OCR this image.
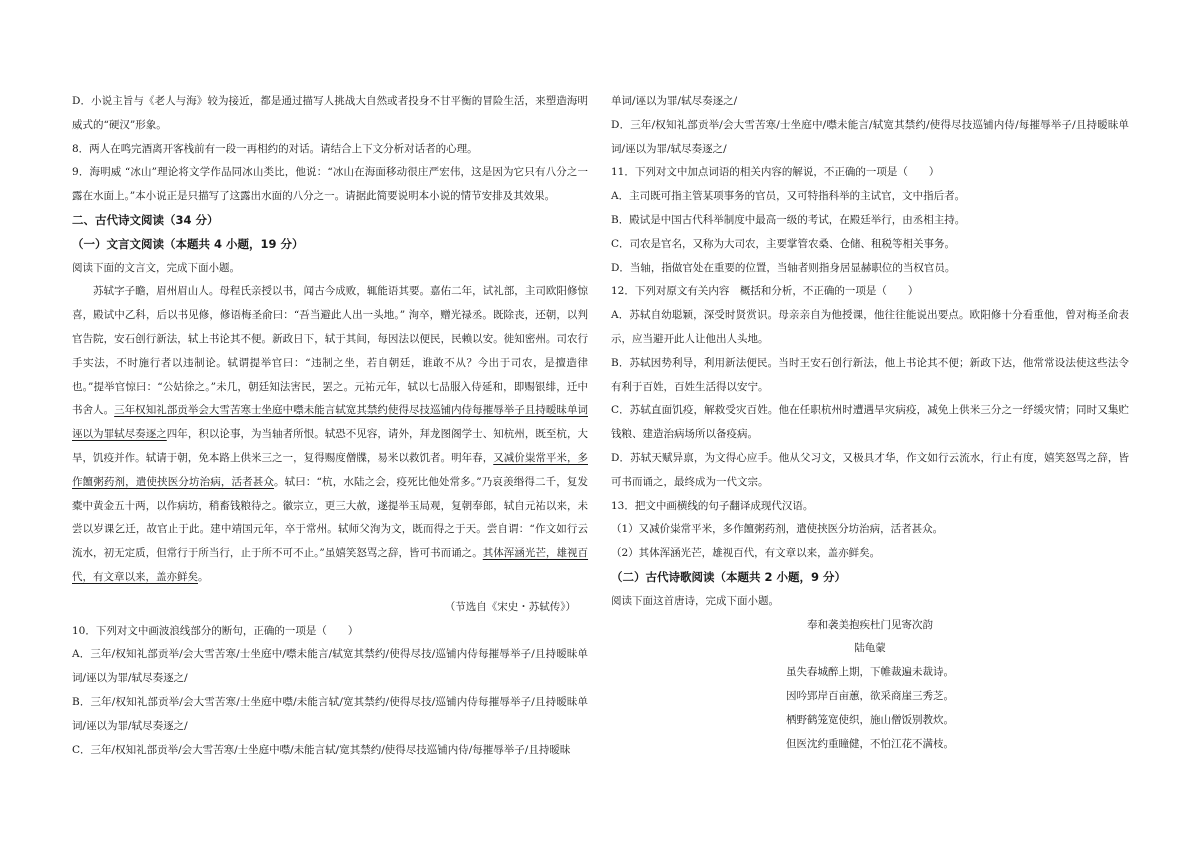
D．小说主旨与《老人与海》较为接近，都是通过描写人挑战大自然或者投身不甘平衡的冒险生活，来塑造海明威式的“硬汉”形象。

8．两人在鸣完酒离开客栈前有一段一再相约的对话。请结合上下文分析对话者的心理。

9．海明威 “冰山”理论将文学作品同冰山类比，他说：“冰山在海面移动很庄严宏伟，这是因为它只有八分之一露在水面上。”本小说正是只描写了这露出水面的八分之一。请据此简要说明本小说的情节安排及其效果。

二、古代诗文阅读（34 分）

（一）文言文阅读（本题共 4 小题，19 分）

阅读下面的文言文，完成下面小题。

苏轼字子瞻，眉州眉山人。母程氏亲授以书，闻古今成败，辄能语其要。嘉佑二年，试礼部，主司欧阳修惊喜，殿试中乙科，后以书见修，修语梅圣俞曰：“吾当避此人出一头地。” 洵卒，赠光禄丞。既除丧，还朝，以判官告院，安石创行新法，轼上书论其不便。新政日下，轼于其间，每因法以便民，民赖以安。徙知密州。司农行手实法，不时施行者以违制论。轼谓提举官曰：“违制之坐，若自朝廷，谁敢不从？今出于司农，是擅造律也。”提举官惊曰：“公姑徐之。”未几，朝廷知法害民，罢之。元祐元年，轼以七品服入侍延和，即赐银绯，迁中书舍人。三年权知礼部贡举会大雪苦寒士坐庭中噤未能言轼宽其禁约使得尽技巡铺内侍每摧辱举子且持暧昧单词诬以为罪轼尽奏逐之四年，积以论事，为当轴者所恨。轼恐不见容，请外，拜龙图阁学士、知杭州，既至杭，大旱，饥疫并作。轼请于朝，免本路上供米三之一，复得赐度僧牒，易米以救饥者。明年春，又减价粜常平米，多作饘粥药剂，遣使挟医分坊治病，活者甚众。轼曰：“杭，水陆之会，疫死比他处常多。”乃哀羡缗得二千，复发橐中黄金五十两，以作病坊，稍畜钱粮待之。徽宗立，更三大赦，遂提举玉局观，复朝奉郎，轼自元祐以来，未尝以岁课乞迁，故官止于此。建中靖国元年，卒于常州。轼师父洵为文，既而得之于天。尝自谓：“作文如行云流水，初无定质，但常行于所当行，止于所不可不止。”虽嬉笑怒骂之辞，皆可书而诵之。其体浑涵光芒，雄视百代，有文章以来，盖亦鲜矣。

（节选自《宋史・苏轼传》）

10．下列对文中画波浪线部分的断句，正确的一项是（　　）

A．三年/权知礼部贡举/会大雪苦寒/士坐庭中/噤未能言/轼宽其禁约/使得尽技/巡铺内侍每摧辱举子/且持暧昧单词/诬以为罪/轼尽奏逐之/

B．三年/权知礼部贡举/会大雪苦寒/士坐庭中噤/未能言轼/宽其禁约/使得尽技/巡铺内侍每摧辱举子/且持暧昧单词/诬以为罪/轼尽奏逐之/

C．三年/权知礼部贡举/会大雪苦寒/士坐庭中噤/未能言轼/宽其禁约/使得尽技巡铺内侍/每摧辱举子/且持暧昧

单词/诬以为罪/轼尽奏逐之/

D．三年/权知礼部贡举/会大雪苦寒/士坐庭中/噤未能言/轼宽其禁约/使得尽技巡铺内侍/每摧辱举子/且持暧昧单词/诬以为罪/轼尽奏逐之/

11．下列对文中加点词语的相关内容的解说，不正确的一项是（　　）

A．主司既可指主管某项事务的官员，又可特指科举的主试官，文中指后者。

B．殿试是中国古代科举制度中最高一级的考试，在殿廷举行，由丞相主持。

C．司农是官名，又称为大司农，主要掌管农桑、仓储、租税等相关事务。

D．当轴，指做官处在重要的位置，当轴者则指身居显赫职位的当权官员。

12．下列对原文有关内容　概括和分析，不正确的一项是（　　）

A．苏轼自幼聪颖，深受时贤赏识。母亲亲自为他授课，他往往能说出要点。欧阳修十分看重他，曾对梅圣俞表示，应当避开此人让他出人头地。

B．苏轼因势利导，利用新法便民。当时王安石创行新法，他上书论其不便；新政下达，他常常设法使这些法令有利于百姓，百姓生活得以安宁。

C．苏轼直面饥疫，解救受灾百姓。他在任职杭州时遭遇旱灾病疫，减免上供米三分之一纾缓灾情；同时又集贮钱粮、建造治病场所以备疫病。

D．苏轼天赋异禀，为文得心应手。他从父习文，又极具才华，作文如行云流水，行止有度，嬉笑怒骂之辞，皆可书而诵之，最终成为一代文宗。

13．把文中画横线的句子翻译成现代汉语。

（1）又减价粜常平米，多作饘粥药剂，遣使挟医分坊治病，活者甚众。

（2）其体浑涵光芒，雄视百代，有文章以来，盖亦鲜矣。

（二）古代诗歌阅读（本题共 2 小题，9 分）

阅读下面这首唐诗，完成下面小题。

奉和袭美抱疾杜门见寄次韵

陆龟蒙

虽失春城醉上期，下帷裁遍未裁诗。

因吟郢岸百亩蕙，欲采商崖三秀芝。

栖野鹤笼宽使织，施山僧饭别教炊。

但医沈约重瞳健，不怕江花不满枝。
